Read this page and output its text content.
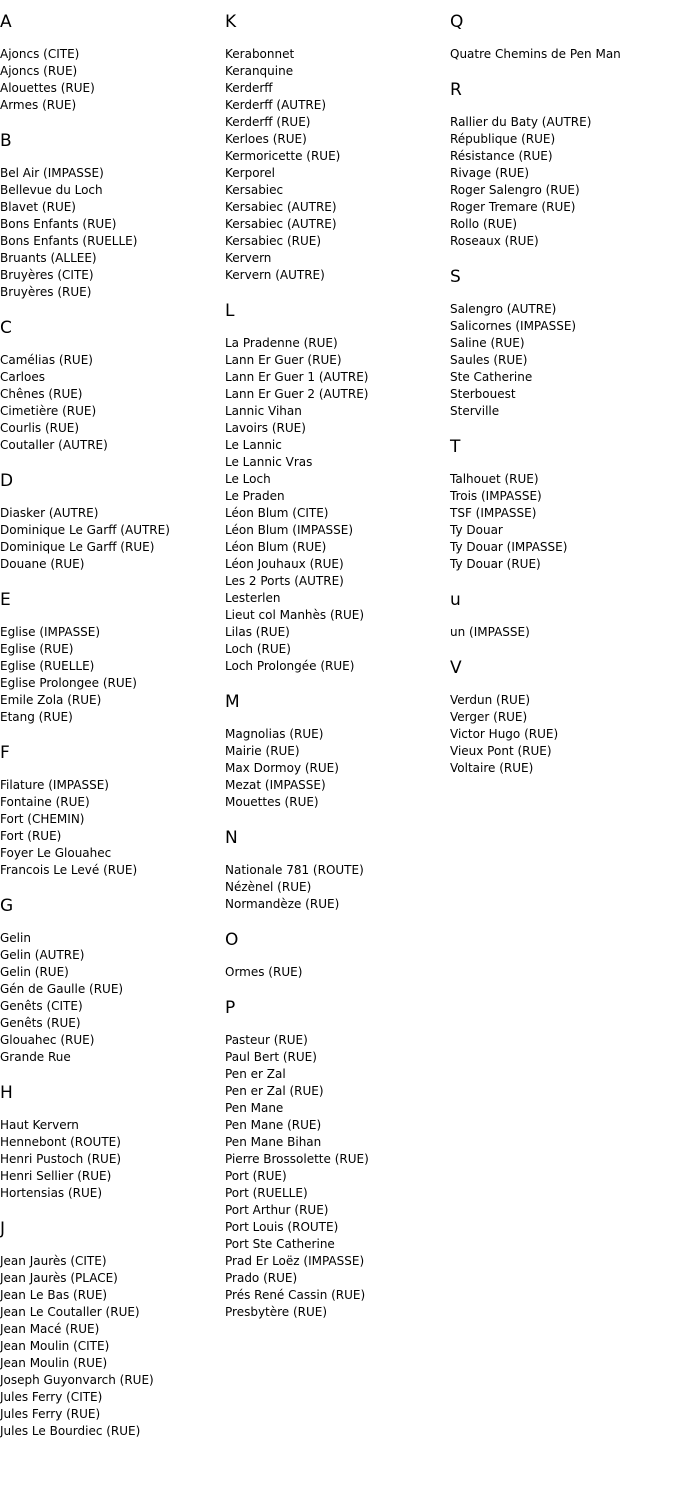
A
Ajoncs (CITE)
Ajoncs (RUE)
Alouettes (RUE)
Armes (RUE)
B
Bel Air (IMPASSE)
Bellevue du Loch
Blavet (RUE)
Bons Enfants (RUE)
Bons Enfants (RUELLE)
Bruants (ALLEE)
Bruyères (CITE)
Bruyères (RUE)
C
Camélias (RUE)
Carloes
Chênes (RUE)
Cimetière (RUE)
Courlis (RUE)
Coutaller (AUTRE)
D
Diasker (AUTRE)
Dominique Le Garff (AUTRE)
Dominique Le Garff (RUE)
Douane (RUE)
E
Eglise (IMPASSE)
Eglise (RUE)
Eglise (RUELLE)
Eglise Prolongee (RUE)
Emile Zola (RUE)
Etang (RUE)
F
Filature (IMPASSE)
Fontaine (RUE)
Fort (CHEMIN)
Fort (RUE)
Foyer Le Glouahec
Francois Le Levé (RUE)
G
Gelin
Gelin (AUTRE)
Gelin (RUE)
Gén de Gaulle (RUE)
Genêts (CITE)
Genêts (RUE)
Glouahec (RUE)
Grande Rue
H
Haut Kervern
Hennebont (ROUTE)
Henri Pustoch (RUE)
Henri Sellier (RUE)
Hortensias (RUE)
J
Jean Jaurès (CITE)
Jean Jaurès (PLACE)
Jean Le Bas (RUE)
Jean Le Coutaller (RUE)
Jean Macé (RUE)
Jean Moulin (CITE)
Jean Moulin (RUE)
Joseph Guyonvarch (RUE)
Jules Ferry (CITE)
Jules Ferry (RUE)
Jules Le Bourdiec (RUE)
K
Kerabonnet
Keranquine
Kerderff
Kerderff (AUTRE)
Kerderff (RUE)
Kerloes (RUE)
Kermoricette (RUE)
Kerporel
Kersabiec
Kersabiec (AUTRE)
Kersabiec (AUTRE)
Kersabiec (RUE)
Kervern
Kervern (AUTRE)
L
La Pradenne (RUE)
Lann Er Guer (RUE)
Lann Er Guer 1 (AUTRE)
Lann Er Guer 2 (AUTRE)
Lannic Vihan
Lavoirs (RUE)
Le Lannic
Le Lannic Vras
Le Loch
Le Praden
Léon Blum (CITE)
Léon Blum (IMPASSE)
Léon Blum (RUE)
Léon Jouhaux (RUE)
Les 2 Ports (AUTRE)
Lesterlen
Lieut col Manhès (RUE)
Lilas (RUE)
Loch (RUE)
Loch Prolongée (RUE)
M
Magnolias (RUE)
Mairie (RUE)
Max Dormoy (RUE)
Mezat (IMPASSE)
Mouettes (RUE)
N
Nationale 781 (ROUTE)
Nézènel (RUE)
Normandèze (RUE)
O
Ormes (RUE)
P
Pasteur (RUE)
Paul Bert (RUE)
Pen er Zal
Pen er Zal (RUE)
Pen Mane
Pen Mane (RUE)
Pen Mane Bihan
Pierre Brossolette (RUE)
Port (RUE)
Port (RUELLE)
Port Arthur (RUE)
Port Louis (ROUTE)
Port Ste Catherine
Prad Er Loëz (IMPASSE)
Prado (RUE)
Prés René Cassin (RUE)
Presbytère (RUE)
Q
Quatre Chemins de Pen Man
R
Rallier du Baty (AUTRE)
République (RUE)
Résistance (RUE)
Rivage (RUE)
Roger Salengro (RUE)
Roger Tremare (RUE)
Rollo (RUE)
Roseaux (RUE)
S
Salengro (AUTRE)
Salicornes (IMPASSE)
Saline (RUE)
Saules (RUE)
Ste Catherine
Sterbouest
Sterville
T
Talhouet (RUE)
Trois (IMPASSE)
TSF (IMPASSE)
Ty Douar
Ty Douar (IMPASSE)
Ty Douar (RUE)
u
un (IMPASSE)
V
Verdun (RUE)
Verger (RUE)
Victor Hugo (RUE)
Vieux Pont (RUE)
Voltaire (RUE)
